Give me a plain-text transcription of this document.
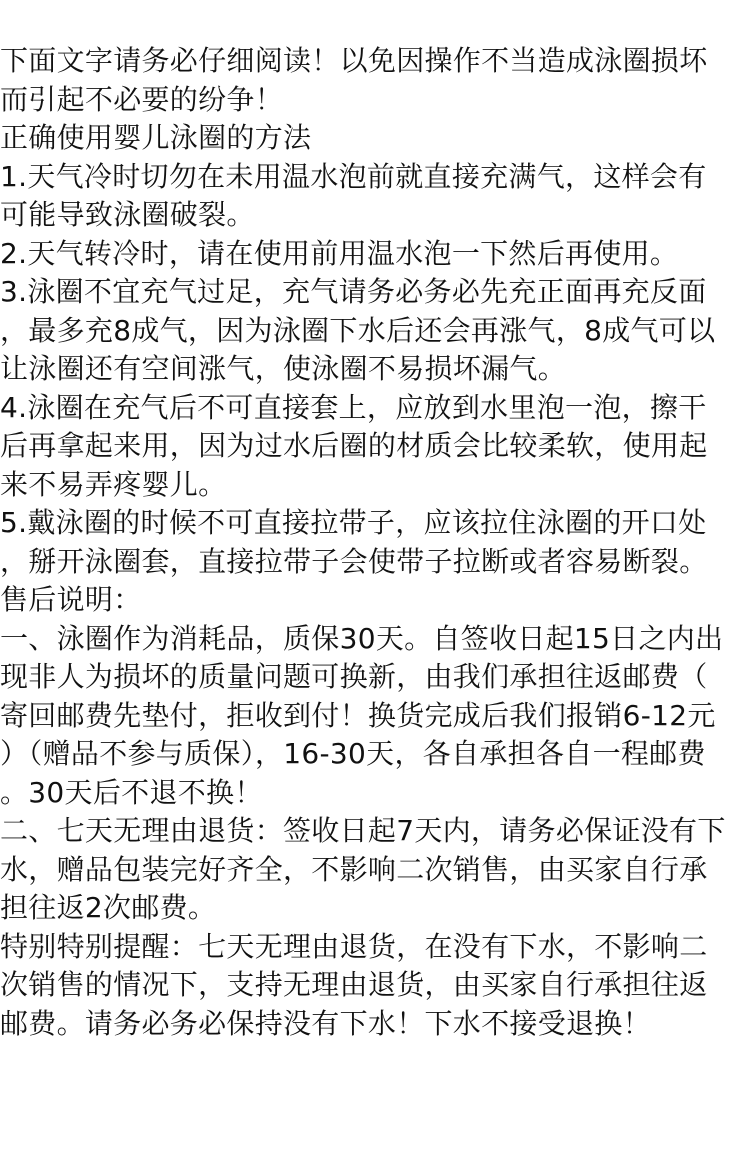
下面文字请务必仔细阅读！以免因操作不当造成泳圈损坏
而引起不必要的纷争！
正确使用婴儿泳圈的方法
1.天气冷时切勿在未用温水泡前就直接充满气，这样会有
可能导致泳圈破裂。
2.天气转冷时，请在使用前用温水泡一下然后再使用。
3.泳圈不宜充气过足，充气请务必务必先充正面再充反面
，最多充8成气，因为泳圈下水后还会再涨气，8成气可以
让泳圈还有空间涨气，使泳圈不易损坏漏气。
4.泳圈在充气后不可直接套上，应放到水里泡一泡，擦干
后再拿起来用，因为过水后圈的材质会比较柔软，使用起
来不易弄疼婴儿。
5.戴泳圈的时候不可直接拉带子，应该拉住泳圈的开口处
，掰开泳圈套，直接拉带子会使带子拉断或者容易断裂。
售后说明：
一、泳圈作为消耗品，质保30天。自签收日起15日之内出
现非人为损坏的质量问题可换新，由我们承担往返邮费（
寄回邮费先垫付，拒收到付！换货完成后我们报销6-12元
）（赠品不参与质保），16-30天，各自承担各自一程邮费
。30天后不退不换！
二、七天无理由退货：签收日起7天内，请务必保证没有下
水，赠品包装完好齐全，不影响二次销售，由买家自行承
担往返2次邮费。
特别特别提醒：七天无理由退货，在没有下水，不影响二
次销售的情况下，支持无理由退货，由买家自行承担往返
邮费。请务必务必保持没有下水！下水不接受退换！
